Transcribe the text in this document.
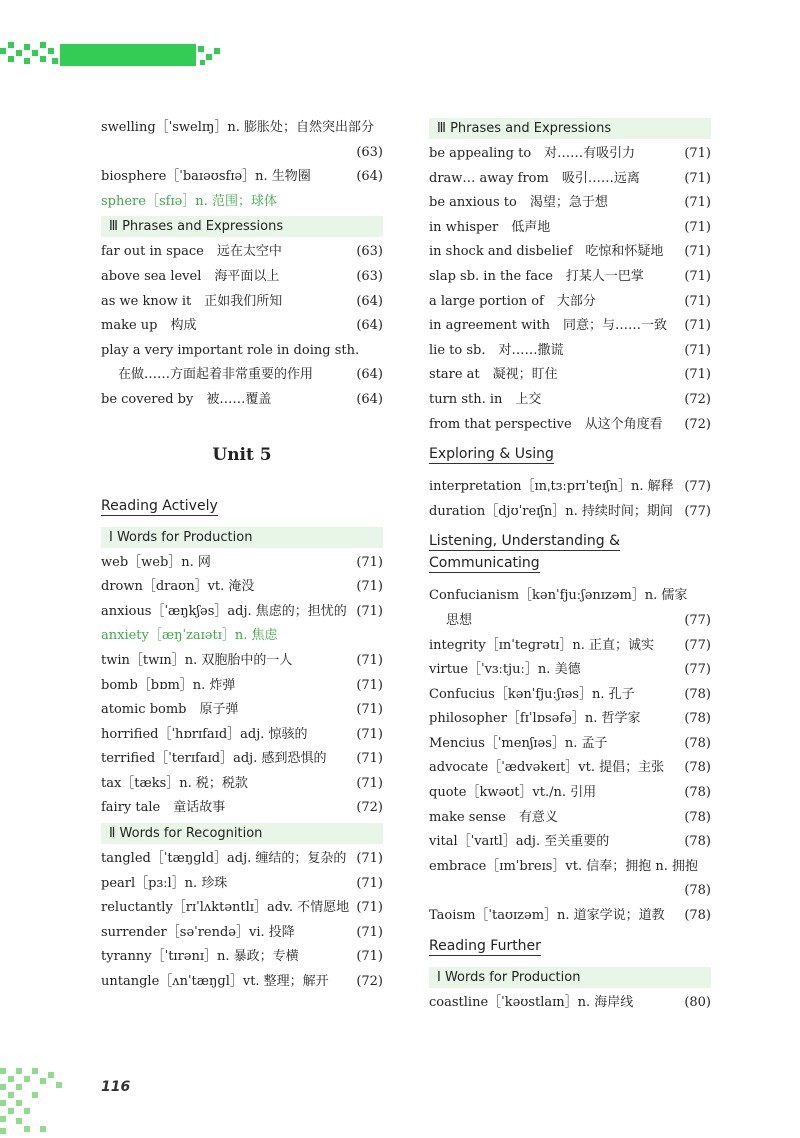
swelling［ˈswelɪŋ］n. 膨胀处；自然突出部分
(63)
biosphere［ˈbaɪəʊsfɪə］n. 生物圈	(64)
sphere［sfɪə］n. 范围；球体
Ⅲ Phrases and Expressions
far out in space　远在太空中	(63)
above sea level　海平面以上	(63)
as we know it　正如我们所知	(64)
make up　构成	(64)
play a very important role in doing sth.
在做……方面起着非常重要的作用	(64)
be covered by　被……覆盖	(64)
Unit 5
Reading Actively
Ⅰ Words for Production
web［web］n. 网	(71)
drown［draʊn］vt. 淹没	(71)
anxious［ˈæŋkʃəs］adj. 焦虑的；担忧的 (71)
anxiety［æŋˈzaɪətɪ］n. 焦虑
twin［twɪn］n. 双胞胎中的一人	(71)
bomb［bɒm］n. 炸弹	(71)
atomic bomb　原子弹	(71)
horrified［ˈhɒrɪfaɪd］adj. 惊骇的	(71)
terrified［ˈterɪfaɪd］adj. 感到恐惧的	(71)
tax［tæks］n. 税；税款	(71)
fairy tale　童话故事	(72)
Ⅱ Words for Recognition
tangled［ˈtæŋɡld］adj. 缠结的；复杂的 (71)
pearl［pɜːl］n. 珍珠	(71)
reluctantly［rɪˈlʌktəntlɪ］adv. 不情愿地 (71)
surrender［səˈrendə］vi. 投降	(71)
tyranny［ˈtɪrənɪ］n. 暴政；专横	(71)
untangle［ʌnˈtæŋɡl］vt. 整理；解开	(72)
Ⅲ Phrases and Expressions
be appealing to　对……有吸引力	(71)
draw… away from　吸引……远离	(71)
be anxious to　渴望；急于想	(71)
in whisper　低声地	(71)
in shock and disbelief　吃惊和怀疑地	(71)
slap sb. in the face　打某人一巴掌	(71)
a large portion of　大部分	(71)
in agreement with　同意；与……一致	(71)
lie to sb.　对……撒谎	(71)
stare at　凝视；盯住	(71)
turn sth. in　上交	(72)
from that perspective　从这个角度看	(72)
Exploring & Using
interpretation［ɪnˌtɜːprɪˈteɪʃn］n. 解释 (77)
duration［djʊˈreɪʃn］n. 持续时间；期间 (77)
Listening, Understanding & Communicating
Confucianism［kənˈfjuːʃənɪzəm］n. 儒家
思想	(77)
integrity［ɪnˈteɡrətɪ］n. 正直；诚实	(77)
virtue［ˈvɜːtjuː］n. 美德	(77)
Confucius［kənˈfjuːʃɪəs］n. 孔子	(78)
philosopher［fɪˈlɒsəfə］n. 哲学家	(78)
Mencius［ˈmenʃɪəs］n. 孟子	(78)
advocate［ˈædvəkeɪt］vt. 提倡；主张	(78)
quote［kwəʊt］vt./n. 引用	(78)
make sense　有意义	(78)
vital［ˈvaɪtl］adj. 至关重要的	(78)
embrace［ɪmˈbreɪs］vt. 信奉；拥抱 n. 拥抱
(78)
Taoism［ˈtaʊɪzəm］n. 道家学说；道教	(78)
Reading Further
Ⅰ Words for Production
coastline［ˈkəʊstlaɪn］n. 海岸线	(80)
116
